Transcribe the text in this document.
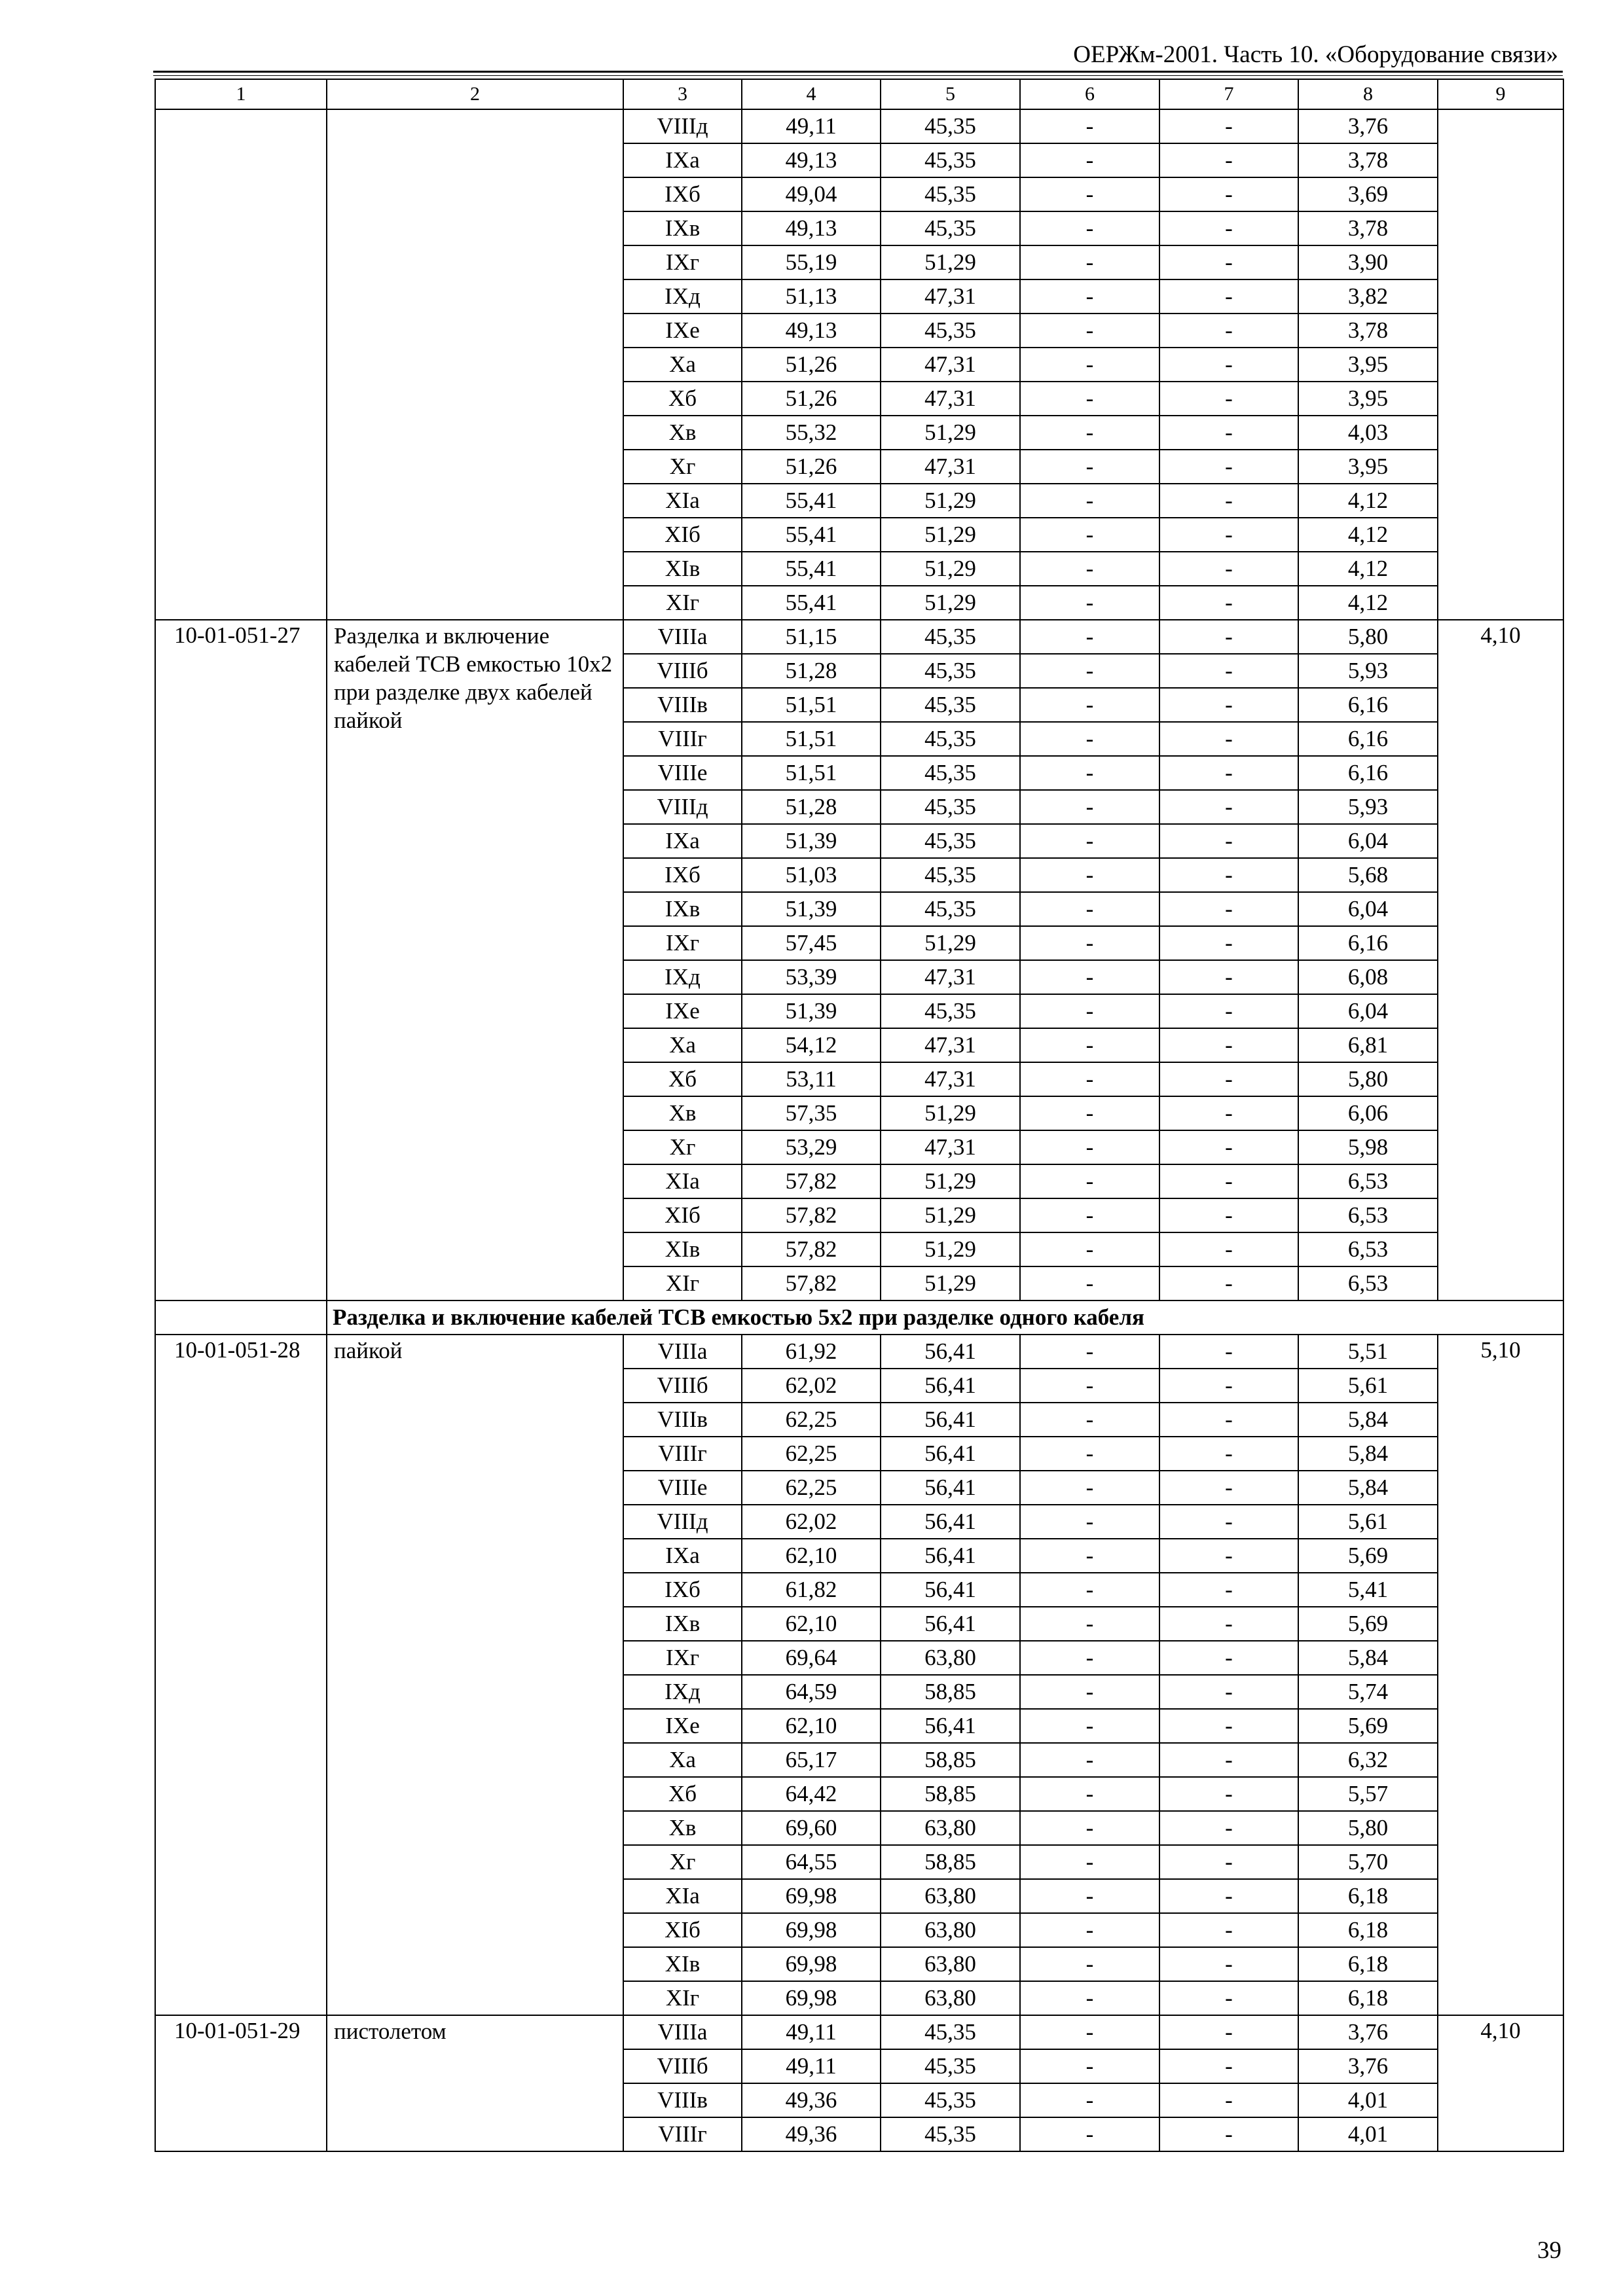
ОЕРЖм-2001. Часть 10. «Оборудование связи»
1	2	3	4	5	6	7	8	9
		VIIIд	49,11	45,35	-	-	3,76	
		IXа	49,13	45,35	-	-	3,78	
		IXб	49,04	45,35	-	-	3,69	
		IXв	49,13	45,35	-	-	3,78	
		IXг	55,19	51,29	-	-	3,90	
		IXд	51,13	47,31	-	-	3,82	
		IXе	49,13	45,35	-	-	3,78	
		Xа	51,26	47,31	-	-	3,95	
		Xб	51,26	47,31	-	-	3,95	
		Xв	55,32	51,29	-	-	4,03	
		Xг	51,26	47,31	-	-	3,95	
		XIа	55,41	51,29	-	-	4,12	
		XIб	55,41	51,29	-	-	4,12	
		XIв	55,41	51,29	-	-	4,12	
		XIг	55,41	51,29	-	-	4,12	
10-01-051-27	Разделка и включение кабелей ТСВ емкостью 10x2 при разделке двух кабелей пайкой	VIIIа	51,15	45,35	-	-	5,80	4,10
		VIIIб	51,28	45,35	-	-	5,93	
		VIIIв	51,51	45,35	-	-	6,16	
		VIIIг	51,51	45,35	-	-	6,16	
		VIIIе	51,51	45,35	-	-	6,16	
		VIIIд	51,28	45,35	-	-	5,93	
		IXа	51,39	45,35	-	-	6,04	
		IXб	51,03	45,35	-	-	5,68	
		IXв	51,39	45,35	-	-	6,04	
		IXг	57,45	51,29	-	-	6,16	
		IXд	53,39	47,31	-	-	6,08	
		IXе	51,39	45,35	-	-	6,04	
		Xа	54,12	47,31	-	-	6,81	
		Xб	53,11	47,31	-	-	5,80	
		Xв	57,35	51,29	-	-	6,06	
		Xг	53,29	47,31	-	-	5,98	
		XIа	57,82	51,29	-	-	6,53	
		XIб	57,82	51,29	-	-	6,53	
		XIв	57,82	51,29	-	-	6,53	
		XIг	57,82	51,29	-	-	6,53	
	Разделка и включение кабелей ТСВ емкостью 5х2 при разделке одного кабеля							
10-01-051-28	пайкой	VIIIа	61,92	56,41	-	-	5,51	5,10
		VIIIб	62,02	56,41	-	-	5,61	
		VIIIв	62,25	56,41	-	-	5,84	
		VIIIг	62,25	56,41	-	-	5,84	
		VIIIе	62,25	56,41	-	-	5,84	
		VIIIд	62,02	56,41	-	-	5,61	
		IXа	62,10	56,41	-	-	5,69	
		IXб	61,82	56,41	-	-	5,41	
		IXв	62,10	56,41	-	-	5,69	
		IXг	69,64	63,80	-	-	5,84	
		IXд	64,59	58,85	-	-	5,74	
		IXе	62,10	56,41	-	-	5,69	
		Xа	65,17	58,85	-	-	6,32	
		Xб	64,42	58,85	-	-	5,57	
		Xв	69,60	63,80	-	-	5,80	
		Xг	64,55	58,85	-	-	5,70	
		XIа	69,98	63,80	-	-	6,18	
		XIб	69,98	63,80	-	-	6,18	
		XIв	69,98	63,80	-	-	6,18	
		XIг	69,98	63,80	-	-	6,18	
10-01-051-29	пистолетом	VIIIа	49,11	45,35	-	-	3,76	4,10
		VIIIб	49,11	45,35	-	-	3,76	
		VIIIв	49,36	45,35	-	-	4,01	
		VIIIг	49,36	45,35	-	-	4,01	
39
